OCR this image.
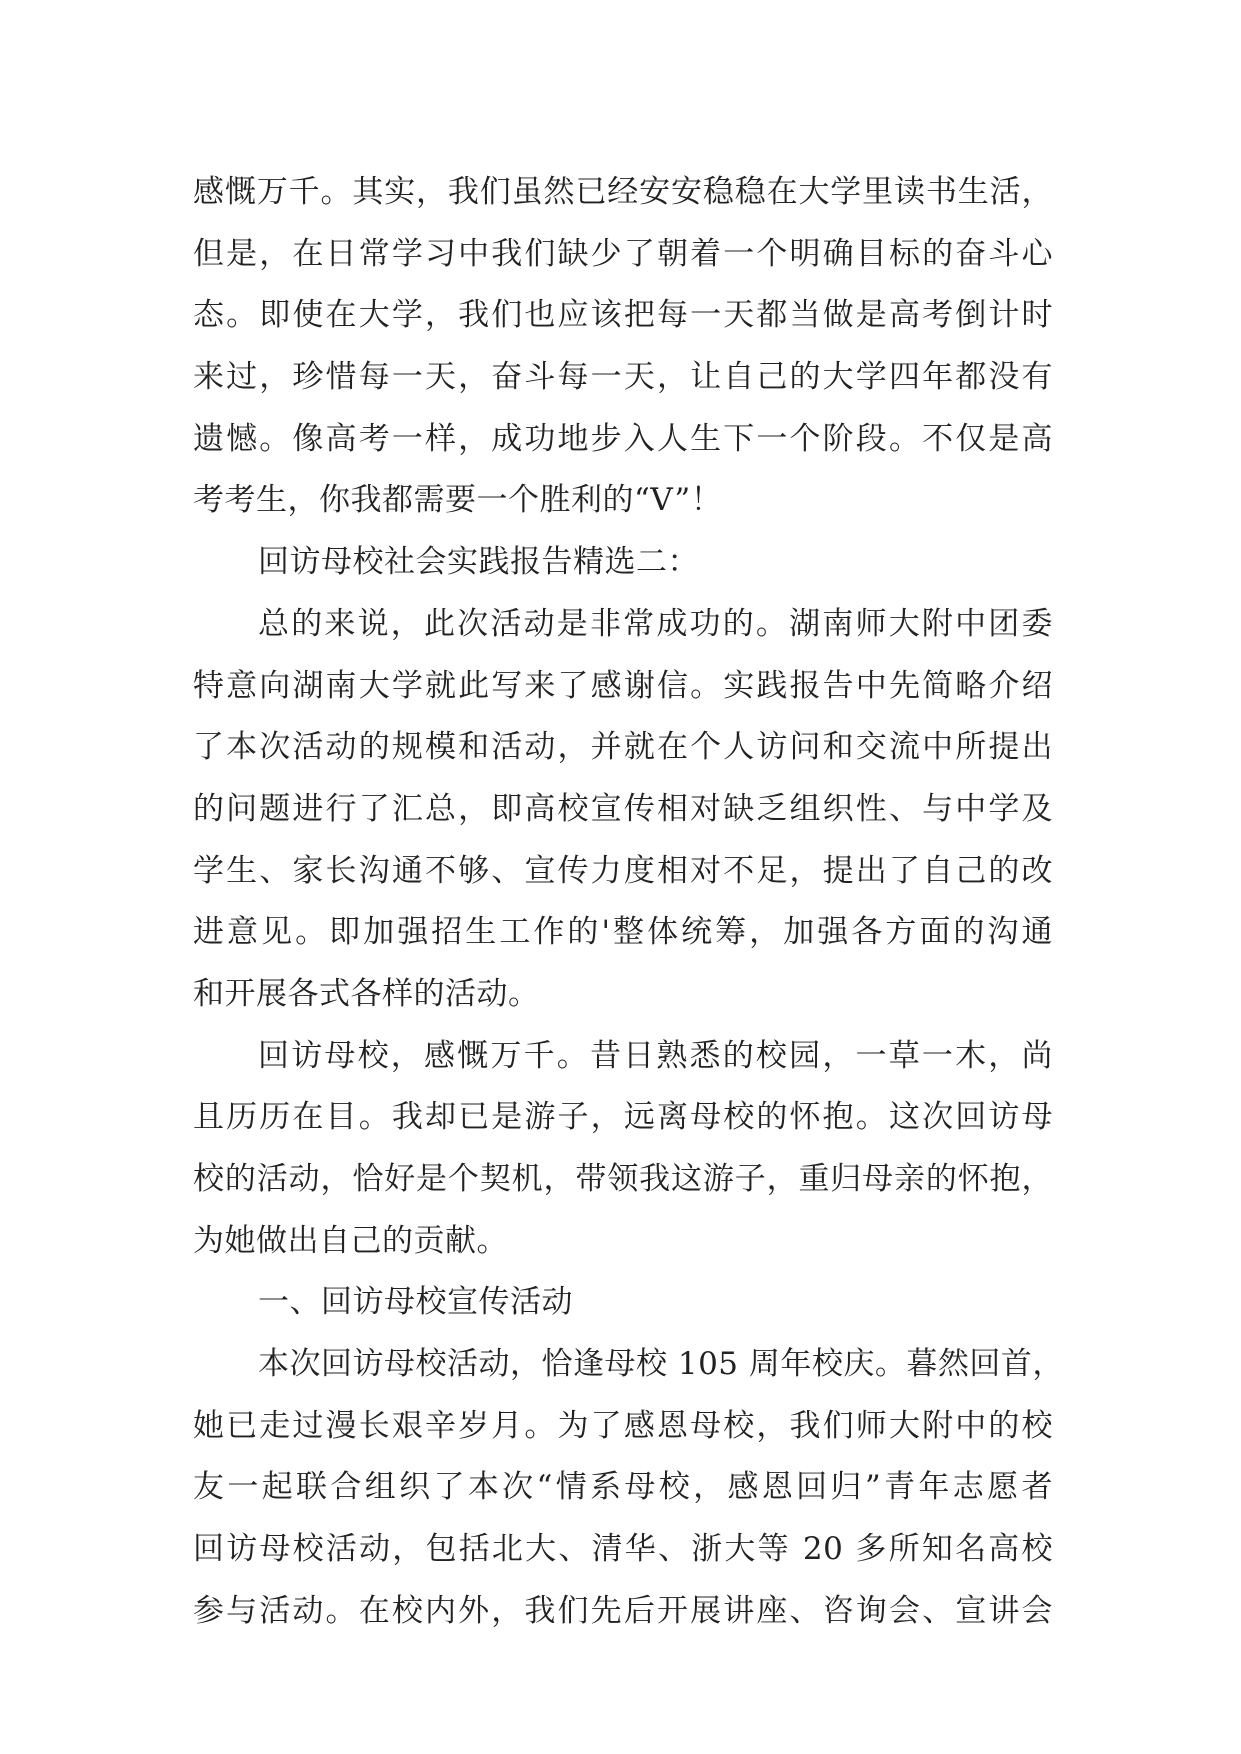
感慨万千。其实，我们虽然已经安安稳稳在大学里读书生活，
但是，在日常学习中我们缺少了朝着一个明确目标的奋斗心
态。即使在大学，我们也应该把每一天都当做是高考倒计时
来过，珍惜每一天，奋斗每一天，让自己的大学四年都没有
遗憾。像高考一样，成功地步入人生下一个阶段。不仅是高
考考生，你我都需要一个胜利的“V”！
回访母校社会实践报告精选二：
总的来说，此次活动是非常成功的。湖南师大附中团委
特意向湖南大学就此写来了感谢信。实践报告中先简略介绍
了本次活动的规模和活动，并就在个人访问和交流中所提出
的问题进行了汇总，即高校宣传相对缺乏组织性、与中学及
学生、家长沟通不够、宣传力度相对不足，提出了自己的改
进意见。即加强招生工作的'整体统筹，加强各方面的沟通
和开展各式各样的活动。
回访母校，感慨万千。昔日熟悉的校园，一草一木，尚
且历历在目。我却已是游子，远离母校的怀抱。这次回访母
校的活动，恰好是个契机，带领我这游子，重归母亲的怀抱，
为她做出自己的贡献。
一、回访母校宣传活动
本次回访母校活动，恰逢母校 105 周年校庆。暮然回首，
她已走过漫长艰辛岁月。为了感恩母校，我们师大附中的校
友一起联合组织了本次“情系母校，感恩回归”青年志愿者
回访母校活动，包括北大、清华、浙大等 20 多所知名高校
参与活动。在校内外，我们先后开展讲座、咨询会、宣讲会
